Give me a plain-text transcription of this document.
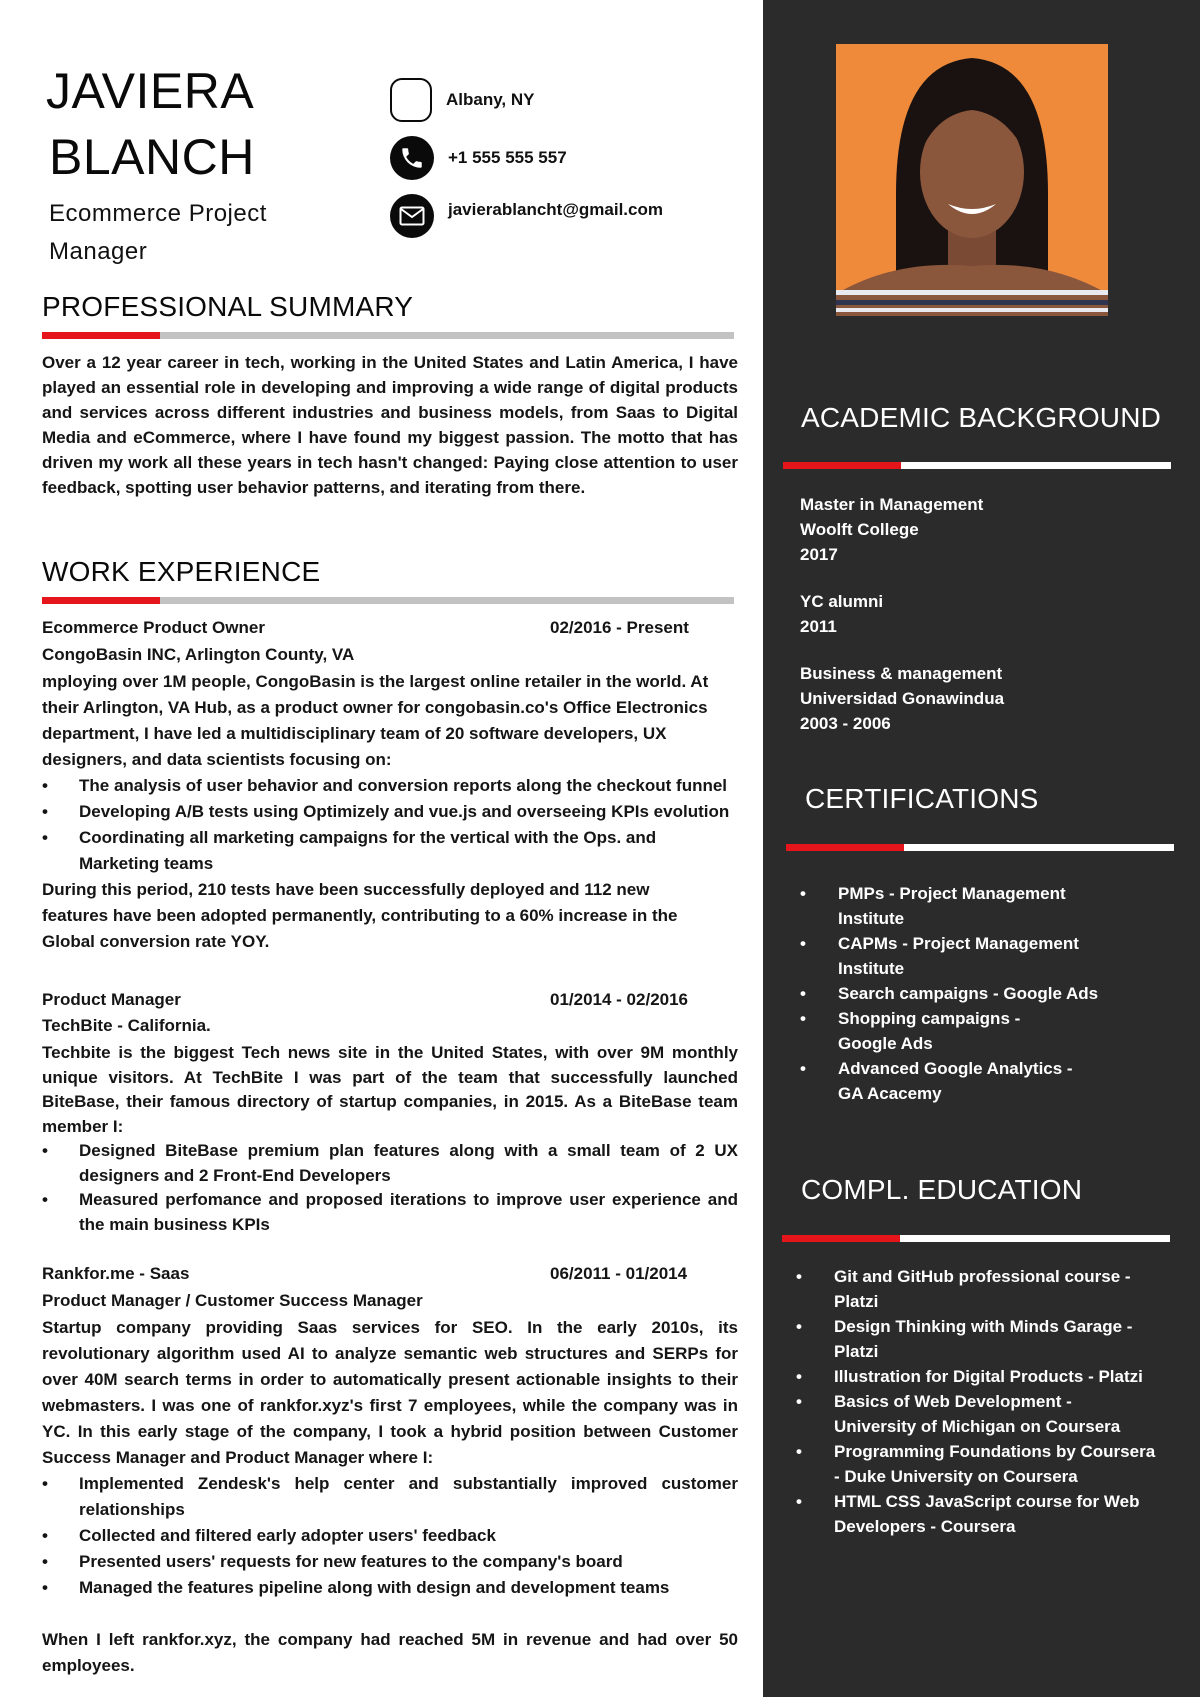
JAVIERA
BLANCH
Ecommerce Project Manager
Albany, NY
+1 555 555 557
javierablancht@gmail.com
PROFESSIONAL SUMMARY
Over a 12 year career in tech, working in the United States and Latin America, I have played an essential role in developing and improving a wide range of digital products and services across different industries and business models, from Saas to Digital Media and eCommerce, where I have found my biggest passion. The motto that has driven my work all these years in tech hasn't changed: Paying close attention to user feedback, spotting user behavior patterns, and iterating from there.
WORK EXPERIENCE
Ecommerce Product Owner	02/2016 - Present
CongoBasin INC, Arlington County, VA
mploying over 1M people, CongoBasin is the largest online retailer in the world. At their Arlington, VA Hub, as a product owner for congobasin.co's Office Electronics department, I have led a multidisciplinary team of 20 software developers, UX designers, and data scientists focusing on:
• The analysis of user behavior and conversion reports along the checkout funnel
• Developing A/B tests using Optimizely and vue.js and overseeing KPIs evolution
• Coordinating all marketing campaigns for the vertical with the Ops. and Marketing teams
During this period, 210 tests have been successfully deployed and 112 new features have been adopted permanently, contributing to a 60% increase in the Global conversion rate YOY.
Product Manager	01/2014 - 02/2016
TechBite - California.
Techbite is the biggest Tech news site in the United States, with over 9M monthly unique visitors. At TechBite I was part of the team that successfully launched BiteBase, their famous directory of startup companies, in 2015. As a BiteBase team member I:
• Designed BiteBase premium plan features along with a small team of 2 UX designers and 2 Front-End Developers
• Measured perfomance and proposed iterations to improve user experience and the main business KPIs
Rankfor.me - Saas	06/2011 - 01/2014
Product Manager / Customer Success Manager
Startup company providing Saas services for SEO. In the early 2010s, its revolutionary algorithm used AI to analyze semantic web structures and SERPs for over 40M search terms in order to automatically present actionable insights to their webmasters. I was one of rankfor.xyz's first 7 employees, while the company was in YC. In this early stage of the company, I took a hybrid position between Customer Success Manager and Product Manager where I:
• Implemented Zendesk's help center and substantially improved customer relationships
• Collected and filtered early adopter users' feedback
• Presented users' requests for new features to the company's board
• Managed the features pipeline along with design and development teams
When I left rankfor.xyz, the company had reached 5M in revenue and had over 50 employees.
ACADEMIC BACKGROUND
Master in Management
Woolft College
2017
YC alumni
2011
Business & management
Universidad Gonawindua
2003 - 2006
CERTIFICATIONS
• PMPs - Project Management Institute
• CAPMs - Project Management Institute
• Search campaigns - Google Ads
• Shopping campaigns - Google Ads
• Advanced Google Analytics - GA Acacemy
COMPL. EDUCATION
• Git and GitHub professional course - Platzi
• Design Thinking with Minds Garage - Platzi
• Illustration for Digital Products - Platzi
• Basics of Web Development - University of Michigan on Coursera
• Programming Foundations by Coursera - Duke University on Coursera
• HTML CSS JavaScript course for Web Developers - Coursera
